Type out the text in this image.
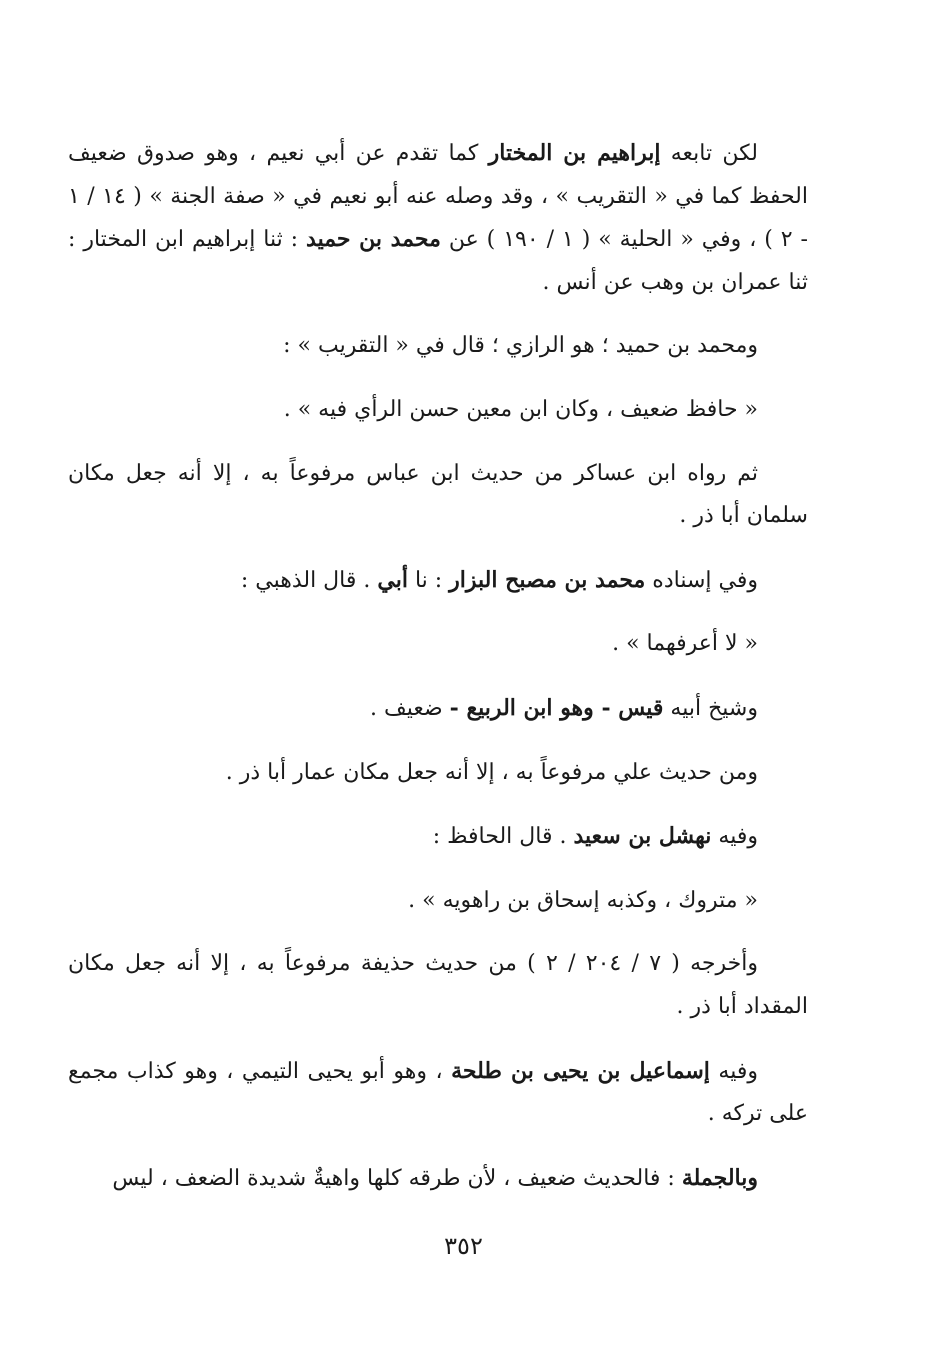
لكن تابعه إبراهيم بن المختار كما تقدم عن أبي نعيم ، وهو صدوق ضعيف الحفظ كما في « التقريب » ، وقد وصله عنه أبو نعيم في « صفة الجنة » ( ١٤ / ١ - ٢ ) ، وفي « الحلية » ( ١ / ١٩٠ ) عن محمد بن حميد : ثنا إبراهيم ابن المختار : ثنا عمران بن وهب عن أنس .

ومحمد بن حميد ؛ هو الرازي ؛ قال في « التقريب » :

« حافظ ضعيف ، وكان ابن معين حسن الرأي فيه » .

ثم رواه ابن عساكر من حديث ابن عباس مرفوعاً به ، إلا أنه جعل مكان سلمان أبا ذر .

وفي إسناده محمد بن مصبح البزار : نا أبي . قال الذهبي :

« لا أعرفهما » .

وشيخ أبيه قيس - وهو ابن الربيع - ضعيف .

ومن حديث علي مرفوعاً به ، إلا أنه جعل مكان عمار أبا ذر .

وفيه نهشل بن سعيد . قال الحافظ :

« متروك ، وكذبه إسحاق بن راهويه » .

وأخرجه ( ٧ / ٢٠٤ / ٢ ) من حديث حذيفة مرفوعاً به ، إلا أنه جعل مكان المقداد أبا ذر .

وفيه إسماعيل بن يحيى بن طلحة ، وهو أبو يحيى التيمي ، وهو كذاب مجمع على تركه .

وبالجملة : فالحديث ضعيف ، لأن طرقه كلها واهيةٌ شديدة الضعف ، ليس

٣٥٢
